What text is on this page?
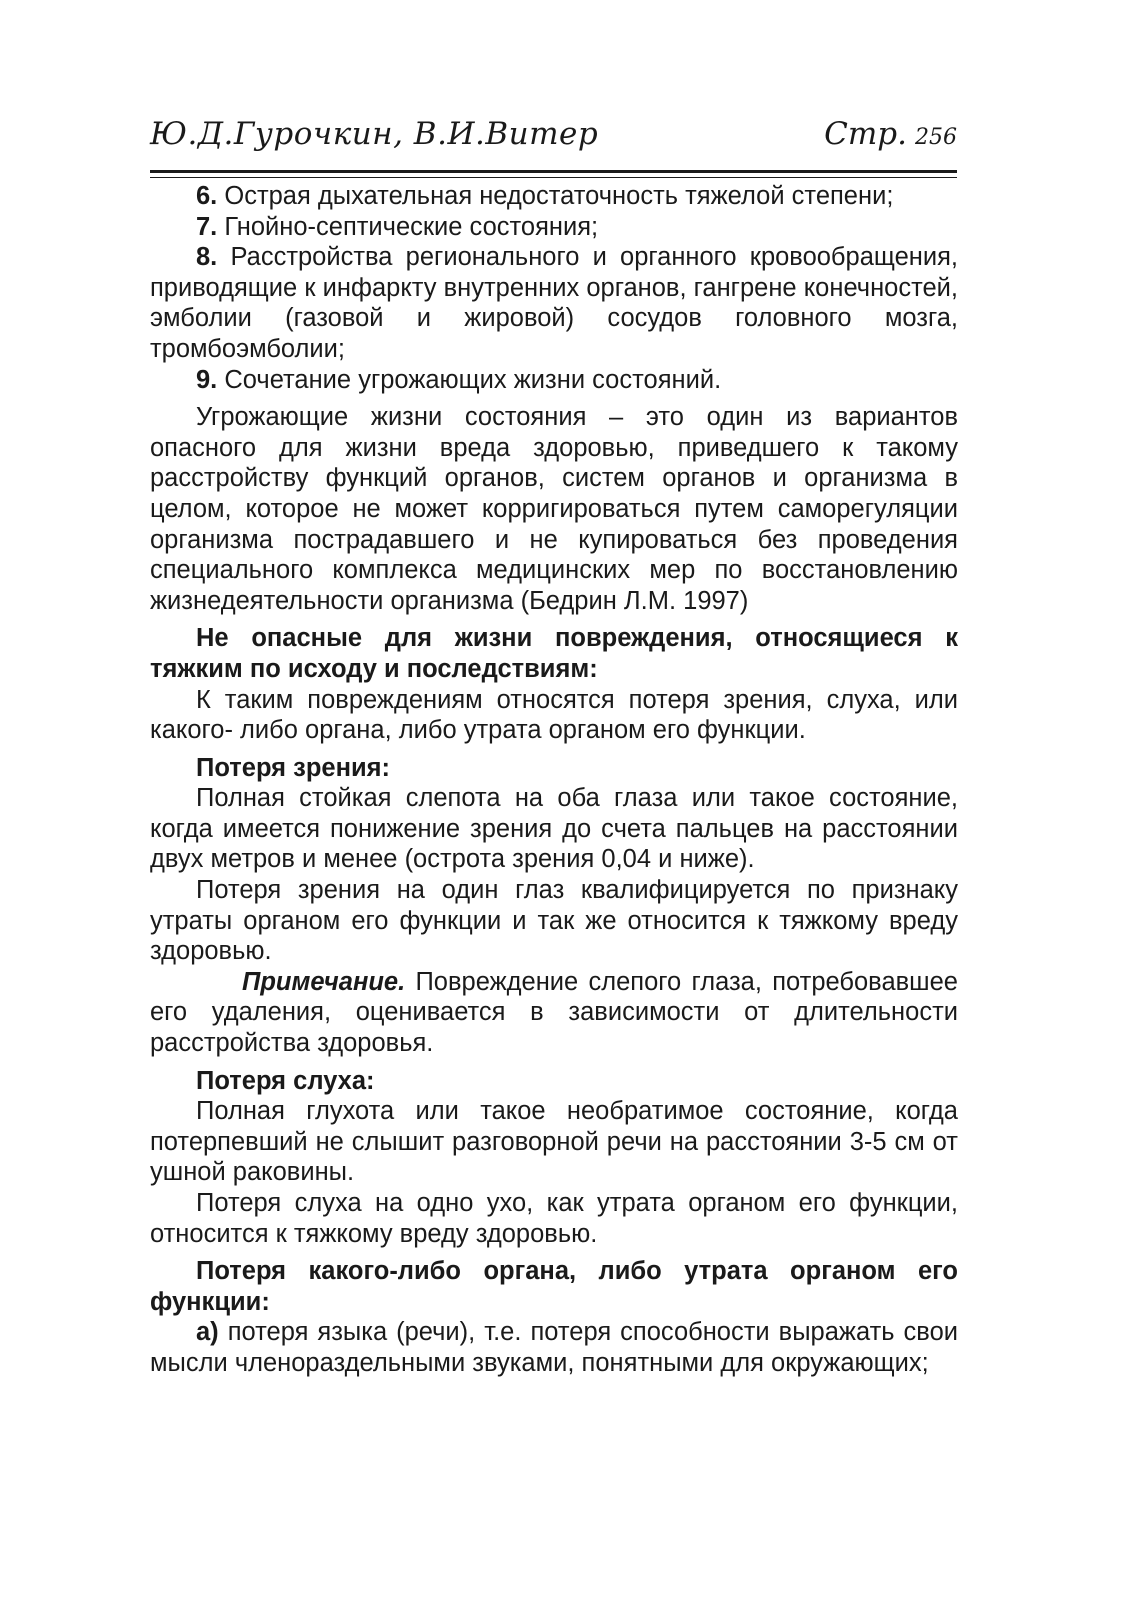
Ю.Д.Гурочкин, В.И.Витер	Стр. 256

6. Острая дыхательная недостаточность тяжелой степени;

7. Гнойно-септические состояния;

8. Расстройства регионального и органного кровообращения, приводящие к инфаркту внутренних органов, гангрене конечностей, эмболии (газовой и жировой) сосудов головного мозга, тромбоэмболии;

9. Сочетание угрожающих жизни состояний.

Угрожающие жизни состояния – это один из вариантов опасного для жизни вреда здоровью, приведшего к такому расстройству функций органов, систем органов и организма в целом, которое не может корригироваться путем саморегуляции организма пострадавшего и не купироваться без проведения специального комплекса медицинских мер по восстановлению жизнедеятельности организма (Бедрин Л.М. 1997)

Не опасные для жизни повреждения, относящиеся к тяжким по исходу и последствиям:

К таким повреждениям относятся потеря зрения, слуха, или какого- либо органа, либо утрата органом его функции.

Потеря зрения:

Полная стойкая слепота на оба глаза или такое состояние, когда имеется понижение зрения до счета пальцев на расстоянии двух метров и менее (острота зрения 0,04 и ниже).

Потеря зрения на один глаз квалифицируется по признаку утраты органом его функции и так же относится к тяжкому вреду здоровью.

Примечание. Повреждение слепого глаза, потребовавшее его удаления, оценивается в зависимости от длительности расстройства здоровья.

Потеря слуха:

Полная глухота или такое необратимое состояние, когда потерпевший не слышит разговорной речи на расстоянии 3-5 см от ушной раковины.

Потеря слуха на одно ухо, как утрата органом его функции, относится к тяжкому вреду здоровью.

Потеря какого-либо органа, либо утрата органом его функции:

а) потеря языка (речи), т.е. потеря способности выражать свои мысли членораздельными звуками, понятными для окружающих;
